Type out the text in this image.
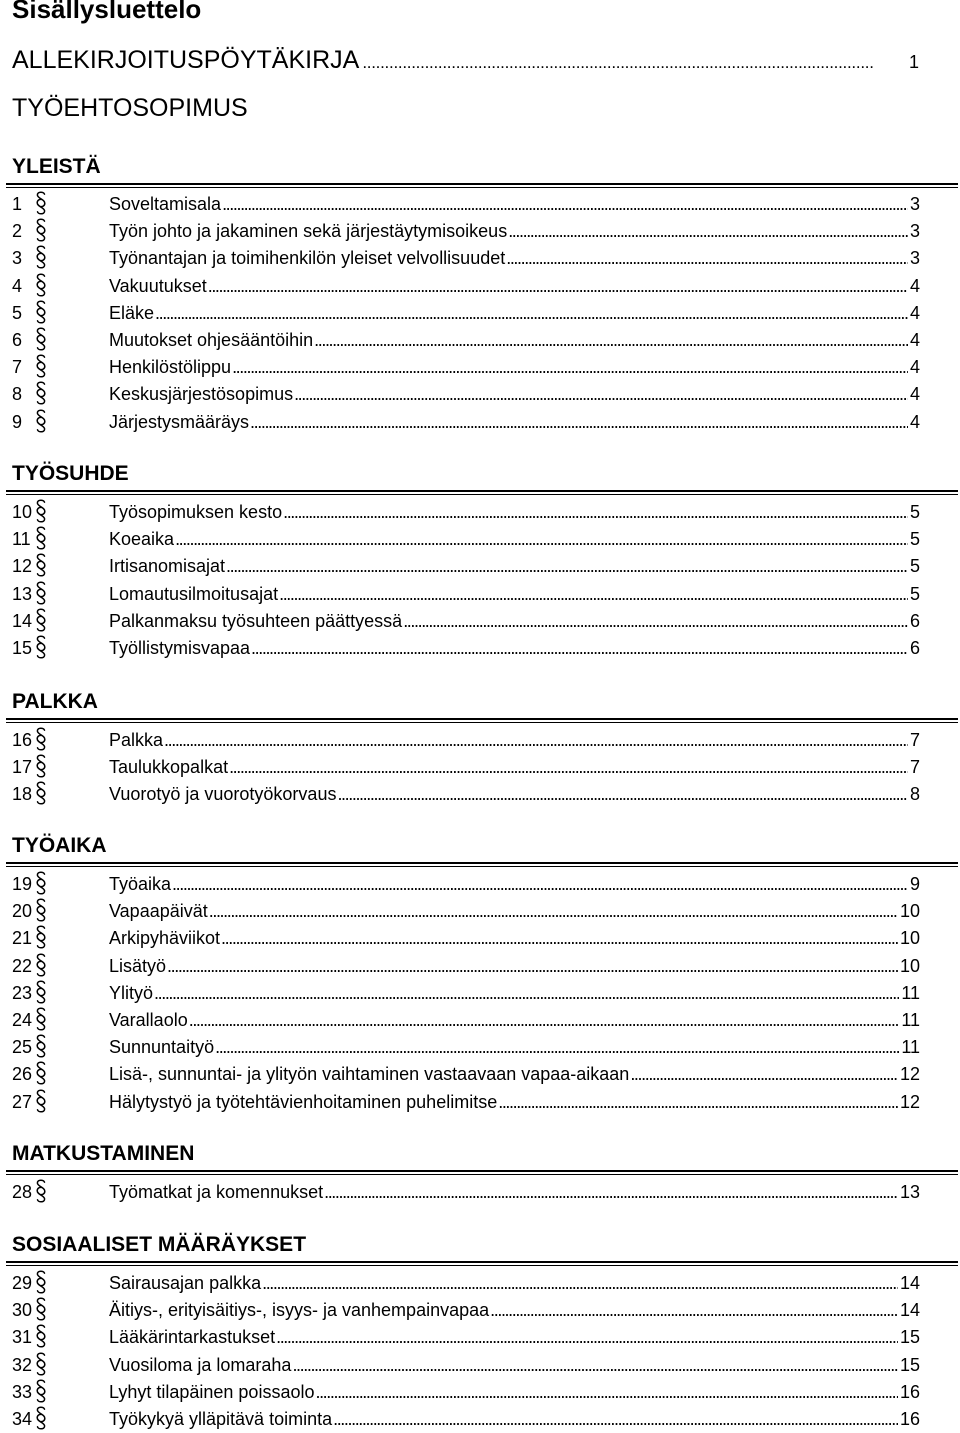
Sisällysluettelo
ALLEKIRJOITUSPÖYTÄKIRJA . . .	1
TYÖEHTOSOPIMUS
YLEISTÄ
1	Soveltamisala .....	3
2	Työn johto ja jakaminen sekä järjestäytymisoikeus .....	3
3	Työnantajan ja toimihenkilön yleiset velvollisuudet .....	3
4	Vakuutukset .....	4
5	Eläke .....	4
6	Muutokset ohjesääntöihin .....	4
7	Henkilöstölippu .....	4
8	Keskusjärjestösopimus .....	4
9	Järjestysmääräys .....	4
TYÖSUHDE
10	Työsopimuksen kesto .....	5
11	Koeaika .....	5
12	Irtisanomisajat .....	5
13	Lomautusilmoitusajat .....	5
14	Palkanmaksu työsuhteen päättyessä .....	6
15	Työllistymisvapaa .....	6
PALKKA
16	Palkka .....	7
17	Taulukkopalkat .....	7
18	Vuorotyö ja vuorotyökorvaus .....	8
TYÖAIKA
19	Työaika .....	9
20	Vapaapäivät .....	10
21	Arkipyhäviikot .....	10
22	Lisätyö .....	10
23	Ylityö .....	11
24	Varallaolo .....	11
25	Sunnuntaityö .....	11
26	Lisä-, sunnuntai- ja ylityön vaihtaminen vastaavaan vapaa-aikaan .....	12
27	Hälytystyö ja työtehtävienhoitaminen puhelimitse .....	12
MATKUSTAMINEN
28	Työmatkat ja komennukset .....	13
SOSIAALISET MÄÄRÄYKSET
29	Sairausajan palkka .....	14
30	Äitiys-, erityisäitiys-, isyys- ja vanhempainvapaa .....	14
31	Lääkärintarkastukset .....	15
32	Vuosiloma ja lomaraha .....	15
33	Lyhyt tilapäinen poissaolo .....	16
34	Työkykyä ylläpitävä toiminta .....	16
